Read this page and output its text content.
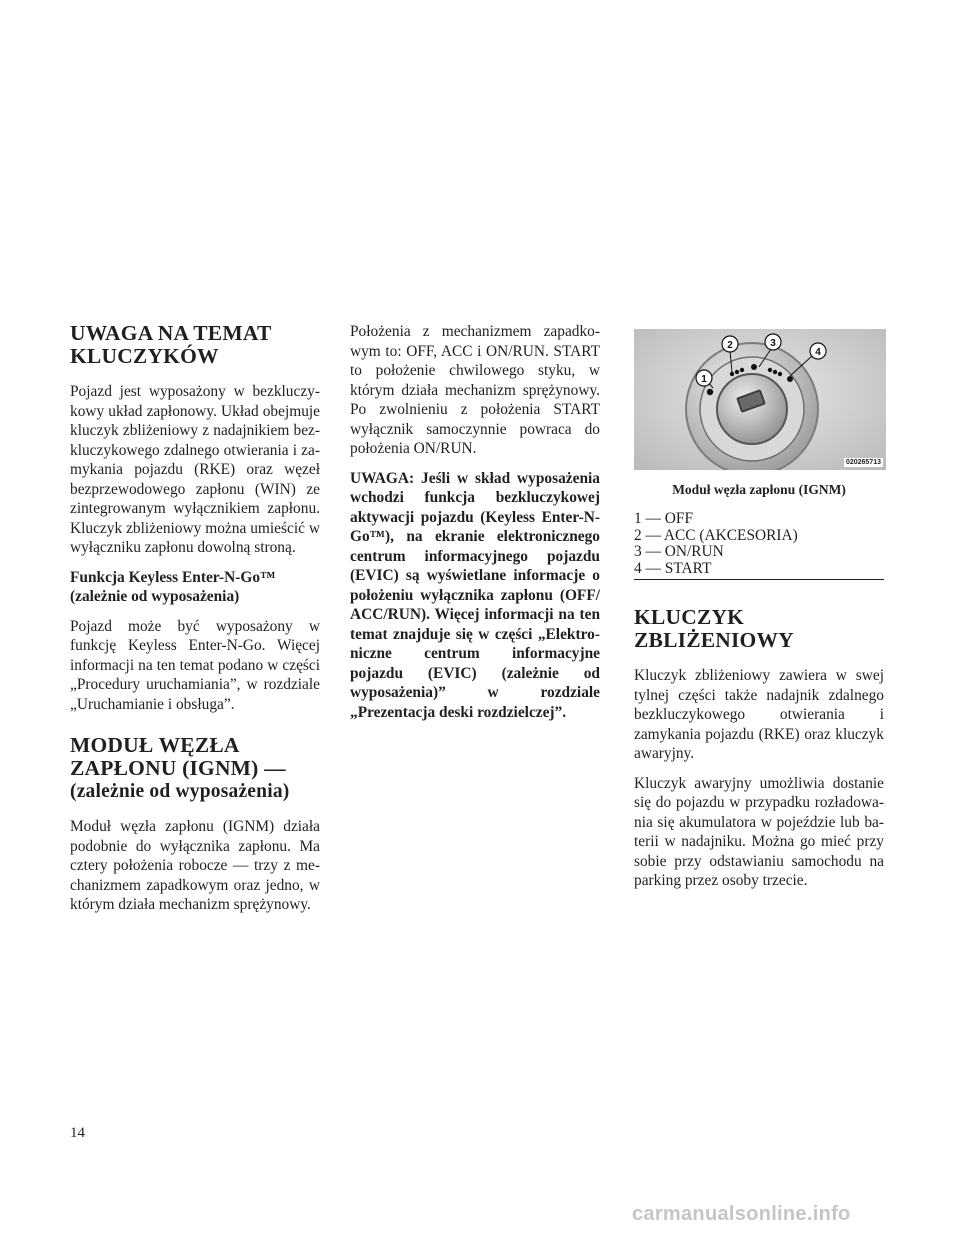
UWAGA NA TEMAT
KLUCZYKÓW

Pojazd jest wyposażony w bezkluczykowy układ zapłonowy. Układ obejmuje kluczyk zbliżeniowy z nadajnikiem bezkluczykowego zdalnego otwierania i zamykania pojazdu (RKE) oraz węzeł bezprzewodowego zapłonu (WIN) ze zintegrowanym wyłącznikiem zapłonu. Kluczyk zbliżeniowy można umieścić w wyłączniku zapłonu dowolną stroną.

Funkcja Keyless Enter-N-Go™
(zależnie od wyposażenia)

Pojazd może być wyposażony w funkcję Keyless Enter-N-Go. Więcej informacji na ten temat podano w części „Procedury uruchamiania”, w rozdziale „Uruchamianie i obsługa”.

MODUŁ WĘZŁA
ZAPŁONU (IGNM) —
(zależnie od wyposażenia)

Moduł węzła zapłonu (IGNM) działa podobnie do wyłącznika zapłonu. Ma cztery położenia robocze — trzy z mechanizmem zapadkowym oraz jedno, w którym działa mechanizm sprężynowy.

Położenia z mechanizmem zapadkowym to: OFF, ACC i ON/RUN. START to położenie chwilowego styku, w którym działa mechanizm sprężynowy. Po zwolnieniu z położenia START wyłącznik samoczynnie powraca do położenia ON/RUN.

UWAGA: Jeśli w skład wyposażenia wchodzi funkcja bezkluczykowej aktywacji pojazdu (Keyless Enter-N-Go™), na ekranie elektronicznego centrum informacyjnego pojazdu (EVIC) są wyświetlane informacje o położeniu wyłącznika zapłonu (OFF/ ACC/RUN). Więcej informacji na ten temat znajduje się w części „Elektroniczne centrum informacyjne pojazdu (EVIC) (zależnie od wyposażenia)” w rozdziale „Prezentacja deski rozdzielczej”.

1
2	3
4
020265713
Moduł węzła zapłonu (IGNM)
1 — OFF
2 — ACC (AKCESORIA)
3 — ON/RUN
4 — START
KLUCZYK ZBLIŻENIOWY

Kluczyk zbliżeniowy zawiera w swej tylnej części także nadajnik zdalnego bezkluczykowego otwierania i zamykania pojazdu (RKE) oraz kluczyk awaryjny.

Kluczyk awaryjny umożliwia dostanie się do pojazdu w przypadku rozładowania się akumulatora w pojeździe lub baterii w nadajniku. Można go mieć przy sobie przy odstawianiu samochodu na parking przez osoby trzecie.

14
carmanualsonline.info
